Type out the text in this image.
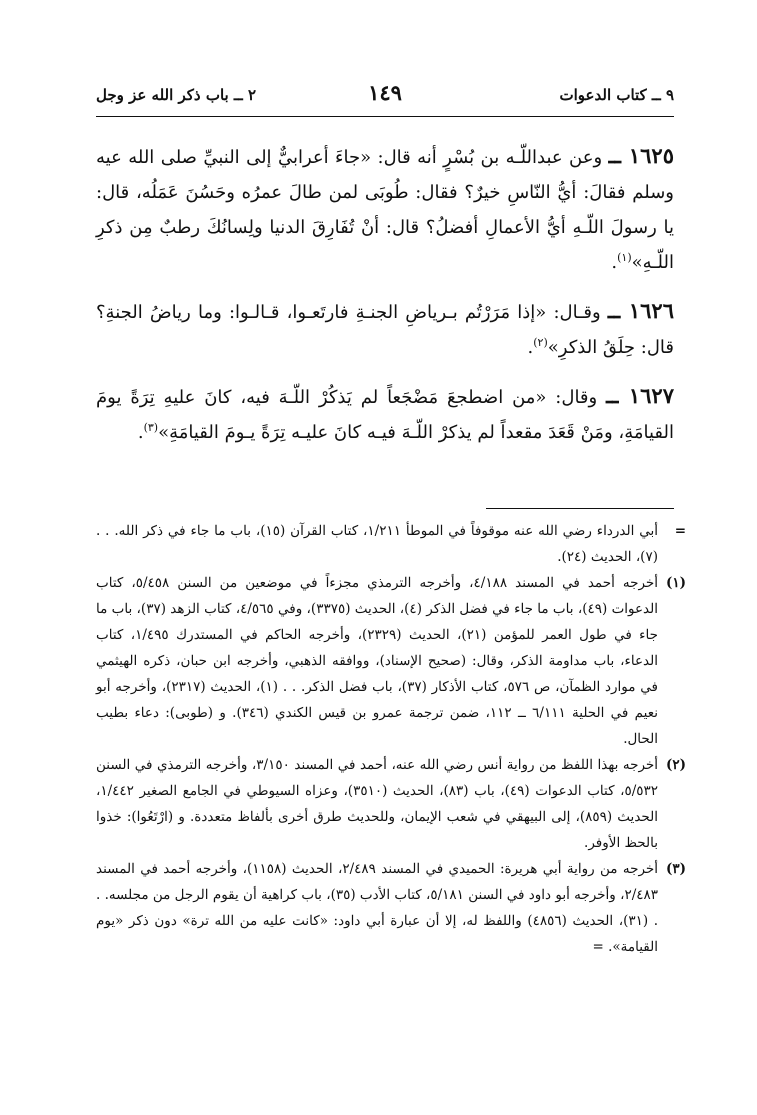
٩ ــ كتاب الدعوات
١٤٩
٢ ــ باب ذكر الله عز وجل

١٦٢٥ ــ وعن عبداللّـه بن بُسْرٍ أنه قال: «جاءَ أعرابيٌّ إلى النبيِّ صلى الله عيه وسلم فقالَ: أيُّ النّاسِ خيرٌ؟ فقال: طُوبَى لمن طالَ عمرُه وحَسُنَ عَمَلُه، قال: يا رسولَ اللّـهِ أيُّ الأعمالِ أفضلُ؟ قال: أنْ تُفَارِقَ الدنيا ولِسانُكَ رطبٌ مِن ذكرِ اللّـهِ»$^{(١)}$.

١٦٢٦ ــ وقـال: «إذا مَرَرْتُم بـرياضِ الجنـةِ فارتَعـوا، قـالـوا: وما رياضُ الجنةِ؟ قال: حِلَقُ الذكرِ»$^{(٢)}$.

١٦٢٧ ــ وقال: «من اضطجعَ مَضْجَعاً لم يَذكُرْ اللّـهَ فيه، كانَ عليهِ تِرَةً يومَ القيامَةِ، ومَنْ قَعَدَ مقعداً لم يذكرْ اللّـهَ فيـه كانَ عليـه تِرَةً يـومَ القيامَةِ»$^{(٣)}$.

=
أبي الدرداء رضي الله عنه موقوفاً في الموطأ ١/٢١١، كتاب القرآن (١٥)، باب ما جاء في ذكر الله. . . (٧)، الحديث (٢٤).
(١)
أخرجه أحمد في المسند ٤/١٨٨، وأخرجه الترمذي مجزءاً في موضعين من السنن ٥/٤٥٨، كتاب الدعوات (٤٩)، باب ما جاء في فضل الذكر (٤)، الحديث (٣٣٧٥)، وفي ٤/٥٦٥، كتاب الزهد (٣٧)، باب ما جاء في طول العمر للمؤمن (٢١)، الحديث (٢٣٢٩)، وأخرجه الحاكم في المستدرك ١/٤٩٥، كتاب الدعاء، باب مداومة الذكر، وقال: (صحيح الإسناد)، ووافقه الذهبي، وأخرجه ابن حبان، ذكره الهيثمي في موارد الظمآن، ص ٥٧٦، كتاب الأذكار (٣٧)، باب فضل الذكر. . . (١)، الحديث (٢٣١٧)، وأخرجه أبو نعيم في الحلية ٦/١١١ ــ ١١٢، ضمن ترجمة عمرو بن قيس الكندي (٣٤٦). و (طوبى): دعاء بطيب الحال.
(٢)
أخرجه بهذا اللفظ من رواية أنس رضي الله عنه، أحمد في المسند ٣/١٥٠، وأخرجه الترمذي في السنن ٥/٥٣٢، كتاب الدعوات (٤٩)، باب (٨٣)، الحديث (٣٥١٠)، وعزاه السيوطي في الجامع الصغير ١/٤٤٢، الحديث (٨٥٩)، إلى البيهقي في شعب الإيمان، وللحديث طرق أخرى بألفاظ متعددة. و (ارْتَعُوا): خذوا بالحظ الأوفر.
(٣)
أخرجه من رواية أبي هريرة: الحميدي في المسند ٢/٤٨٩، الحديث (١١٥٨)، وأخرجه أحمد في المسند ٢/٤٨٣، وأخرجه أبو داود في السنن ٥/١٨١، كتاب الأدب (٣٥)، باب كراهية أن يقوم الرجل من مجلسه. . . (٣١)، الحديث (٤٨٥٦) واللفظ له، إلا أن عبارة أبي داود: «كانت عليه من الله ترة» دون ذكر «يوم القيامة». =
